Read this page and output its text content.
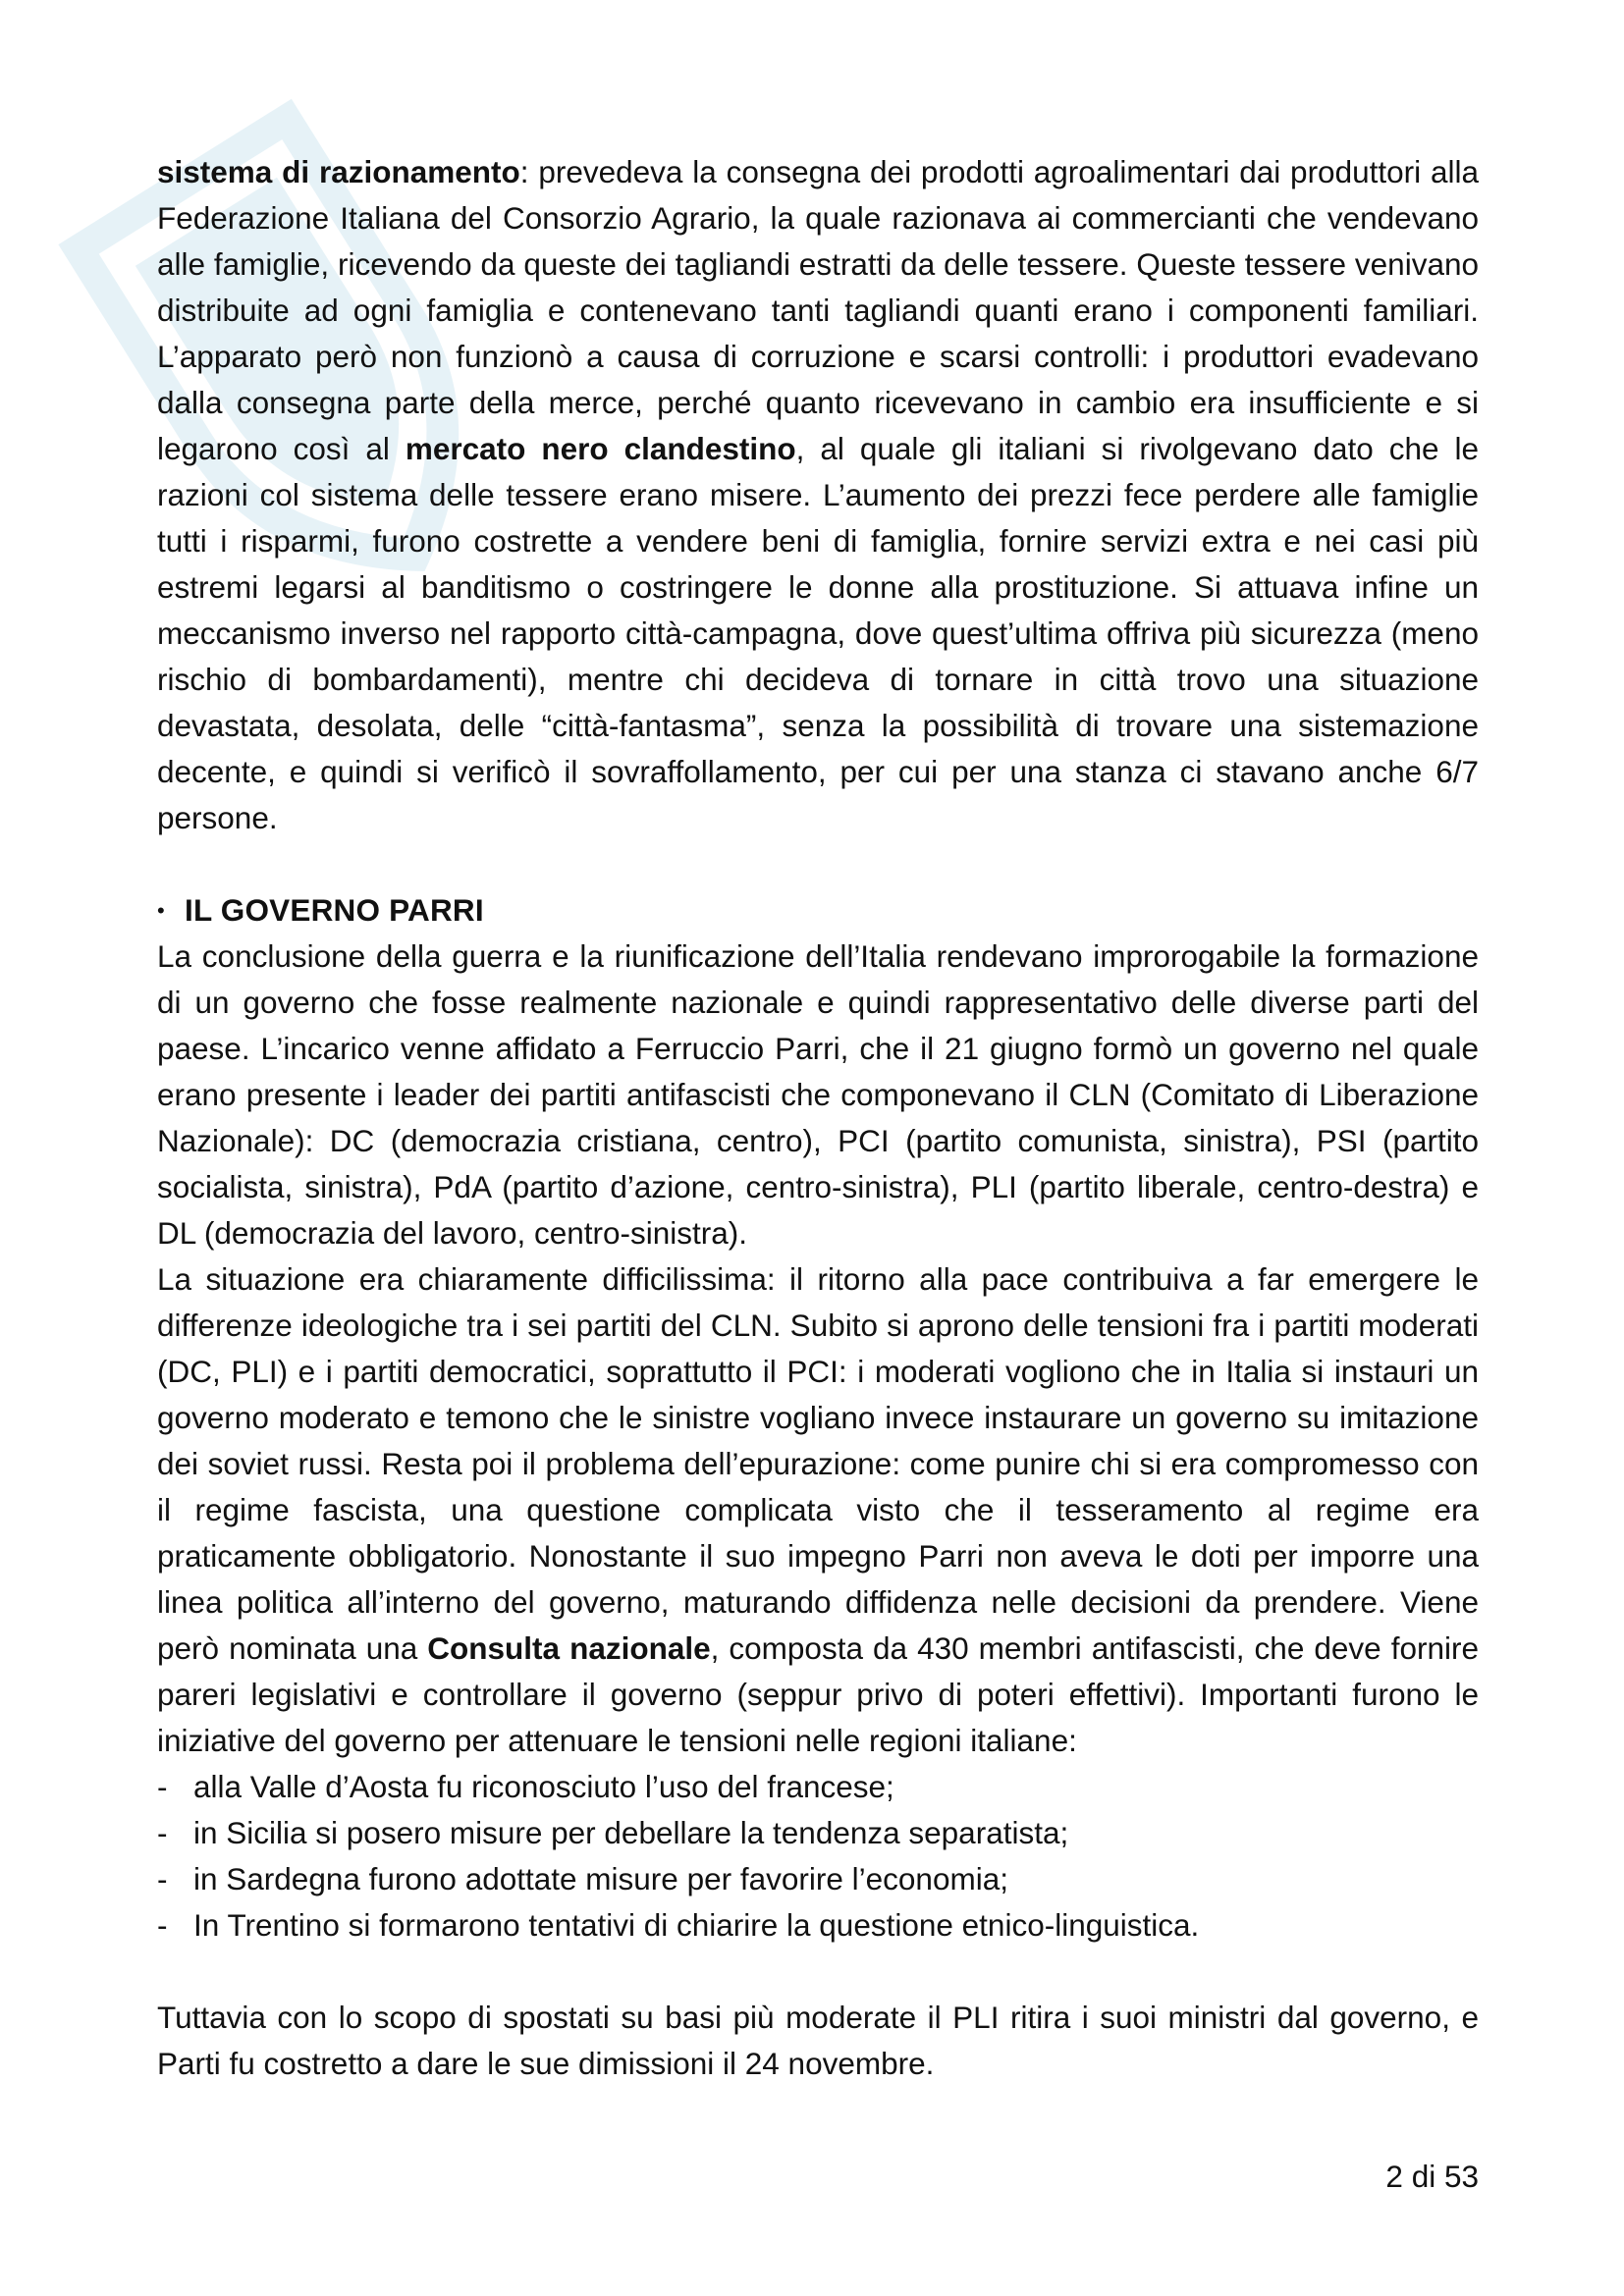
sistema di razionamento: prevedeva la consegna dei prodotti agroalimentari dai produttori alla Federazione Italiana del Consorzio Agrario, la quale razionava ai commercianti che vendevano alle famiglie, ricevendo da queste dei tagliandi estratti da delle tessere. Queste tessere venivano distribuite ad ogni famiglia e contenevano tanti tagliandi quanti erano i componenti familiari. L’apparato però non funzionò a causa di corruzione e scarsi controlli: i produttori evadevano dalla consegna parte della merce, perché quanto ricevevano in cambio era insufficiente e si legarono così al mercato nero clandestino, al quale gli italiani si rivolgevano dato che le razioni col sistema delle tessere erano misere. L’aumento dei prezzi fece perdere alle famiglie tutti i risparmi, furono costrette a vendere beni di famiglia, fornire servizi extra e nei casi più estremi legarsi al banditismo o costringere le donne alla prostituzione. Si attuava infine un meccanismo inverso nel rapporto città-campagna, dove quest’ultima offriva più sicurezza (meno rischio di bombardamenti), mentre chi decideva di tornare in città trovo una situazione devastata, desolata, delle “città-fantasma”, senza la possibilità di trovare una sistemazione decente, e quindi si verificò il sovraffollamento, per cui per una stanza ci stavano anche 6/7 persone.

• IL GOVERNO PARRI

La conclusione della guerra e la riunificazione dell’Italia rendevano improrogabile la formazione di un governo che fosse realmente nazionale e quindi rappresentativo delle diverse parti del paese. L’incarico venne affidato a Ferruccio Parri, che il 21 giugno formò un governo nel quale erano presente i leader dei partiti antifascisti che componevano il CLN (Comitato di Liberazione Nazionale): DC (democrazia cristiana, centro), PCI (partito comunista, sinistra), PSI (partito socialista, sinistra), PdA (partito d’azione, centro-sinistra), PLI (partito liberale, centro-destra) e DL (democrazia del lavoro, centro-sinistra).

La situazione era chiaramente difficilissima: il ritorno alla pace contribuiva a far emergere le differenze ideologiche tra i sei partiti del CLN. Subito si aprono delle tensioni fra i partiti moderati (DC, PLI) e i partiti democratici, soprattutto il PCI: i moderati vogliono che in Italia si instauri un governo moderato e temono che le sinistre vogliano invece instaurare un governo su imitazione dei soviet russi. Resta poi il problema dell’epurazione: come punire chi si era compromesso con il regime fascista, una questione complicata visto che il tesseramento al regime era praticamente obbligatorio. Nonostante il suo impegno Parri non aveva le doti per imporre una linea politica all’interno del governo, maturando diffidenza nelle decisioni da prendere. Viene però nominata una Consulta nazionale, composta da 430 membri antifascisti, che deve fornire pareri legislativi e controllare il governo (seppur privo di poteri effettivi). Importanti furono le iniziative del governo per attenuare le tensioni nelle regioni italiane:

- alla Valle d’Aosta fu riconosciuto l’uso del francese;
- in Sicilia si posero misure per debellare la tendenza separatista;
- in Sardegna furono adottate misure per favorire l’economia;
- In Trentino si formarono tentativi di chiarire la questione etnico-linguistica.

Tuttavia con lo scopo di spostati su basi più moderate il PLI ritira i suoi ministri dal governo, e Parti fu costretto a dare le sue dimissioni il 24 novembre.

2 di 53
